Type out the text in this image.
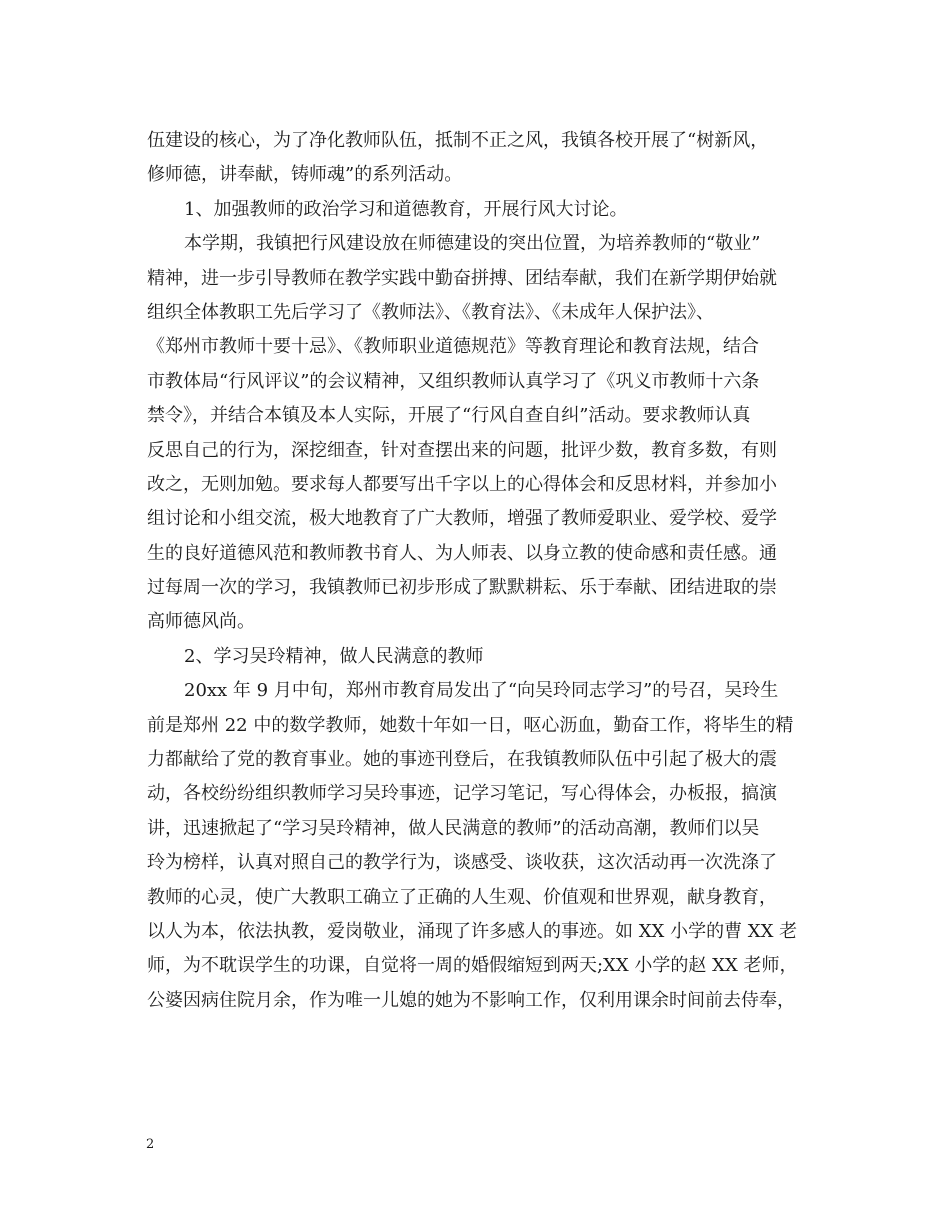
伍建设的核心，为了净化教师队伍，抵制不正之风，我镇各校开展了“树新风，
修师德，讲奉献，铸师魂”的系列活动。
1、加强教师的政治学习和道德教育，开展行风大讨论。
本学期，我镇把行风建设放在师德建设的突出位置，为培养教师的“敬业”
精神，进一步引导教师在教学实践中勤奋拼搏、团结奉献，我们在新学期伊始就
组织全体教职工先后学习了《教师法》、《教育法》、《未成年人保护法》、
《郑州市教师十要十忌》、《教师职业道德规范》等教育理论和教育法规，结合
市教体局“行风评议”的会议精神，又组织教师认真学习了《巩义市教师十六条
禁令》，并结合本镇及本人实际，开展了“行风自查自纠”活动。要求教师认真
反思自己的行为，深挖细查，针对查摆出来的问题，批评少数，教育多数，有则
改之，无则加勉。要求每人都要写出千字以上的心得体会和反思材料，并参加小
组讨论和小组交流，极大地教育了广大教师，增强了教师爱职业、爱学校、爱学
生的良好道德风范和教师教书育人、为人师表、以身立教的使命感和责任感。通
过每周一次的学习，我镇教师已初步形成了默默耕耘、乐于奉献、团结进取的崇
高师德风尚。
2、学习吴玲精神，做人民满意的教师
20xx 年 9 月中旬，郑州市教育局发出了“向吴玲同志学习”的号召，吴玲生
前是郑州 22 中的数学教师，她数十年如一日，呕心沥血，勤奋工作，将毕生的精
力都献给了党的教育事业。她的事迹刊登后，在我镇教师队伍中引起了极大的震
动，各校纷纷组织教师学习吴玲事迹，记学习笔记，写心得体会，办板报，搞演
讲，迅速掀起了“学习吴玲精神，做人民满意的教师”的活动高潮，教师们以吴
玲为榜样，认真对照自己的教学行为，谈感受、谈收获，这次活动再一次洗涤了
教师的心灵，使广大教职工确立了正确的人生观、价值观和世界观，献身教育，
以人为本，依法执教，爱岗敬业，涌现了许多感人的事迹。如 XX 小学的曹 XX 老
师，为不耽误学生的功课，自觉将一周的婚假缩短到两天;XX 小学的赵 XX 老师，
公婆因病住院月余，作为唯一儿媳的她为不影响工作，仅利用课余时间前去侍奉，
2
